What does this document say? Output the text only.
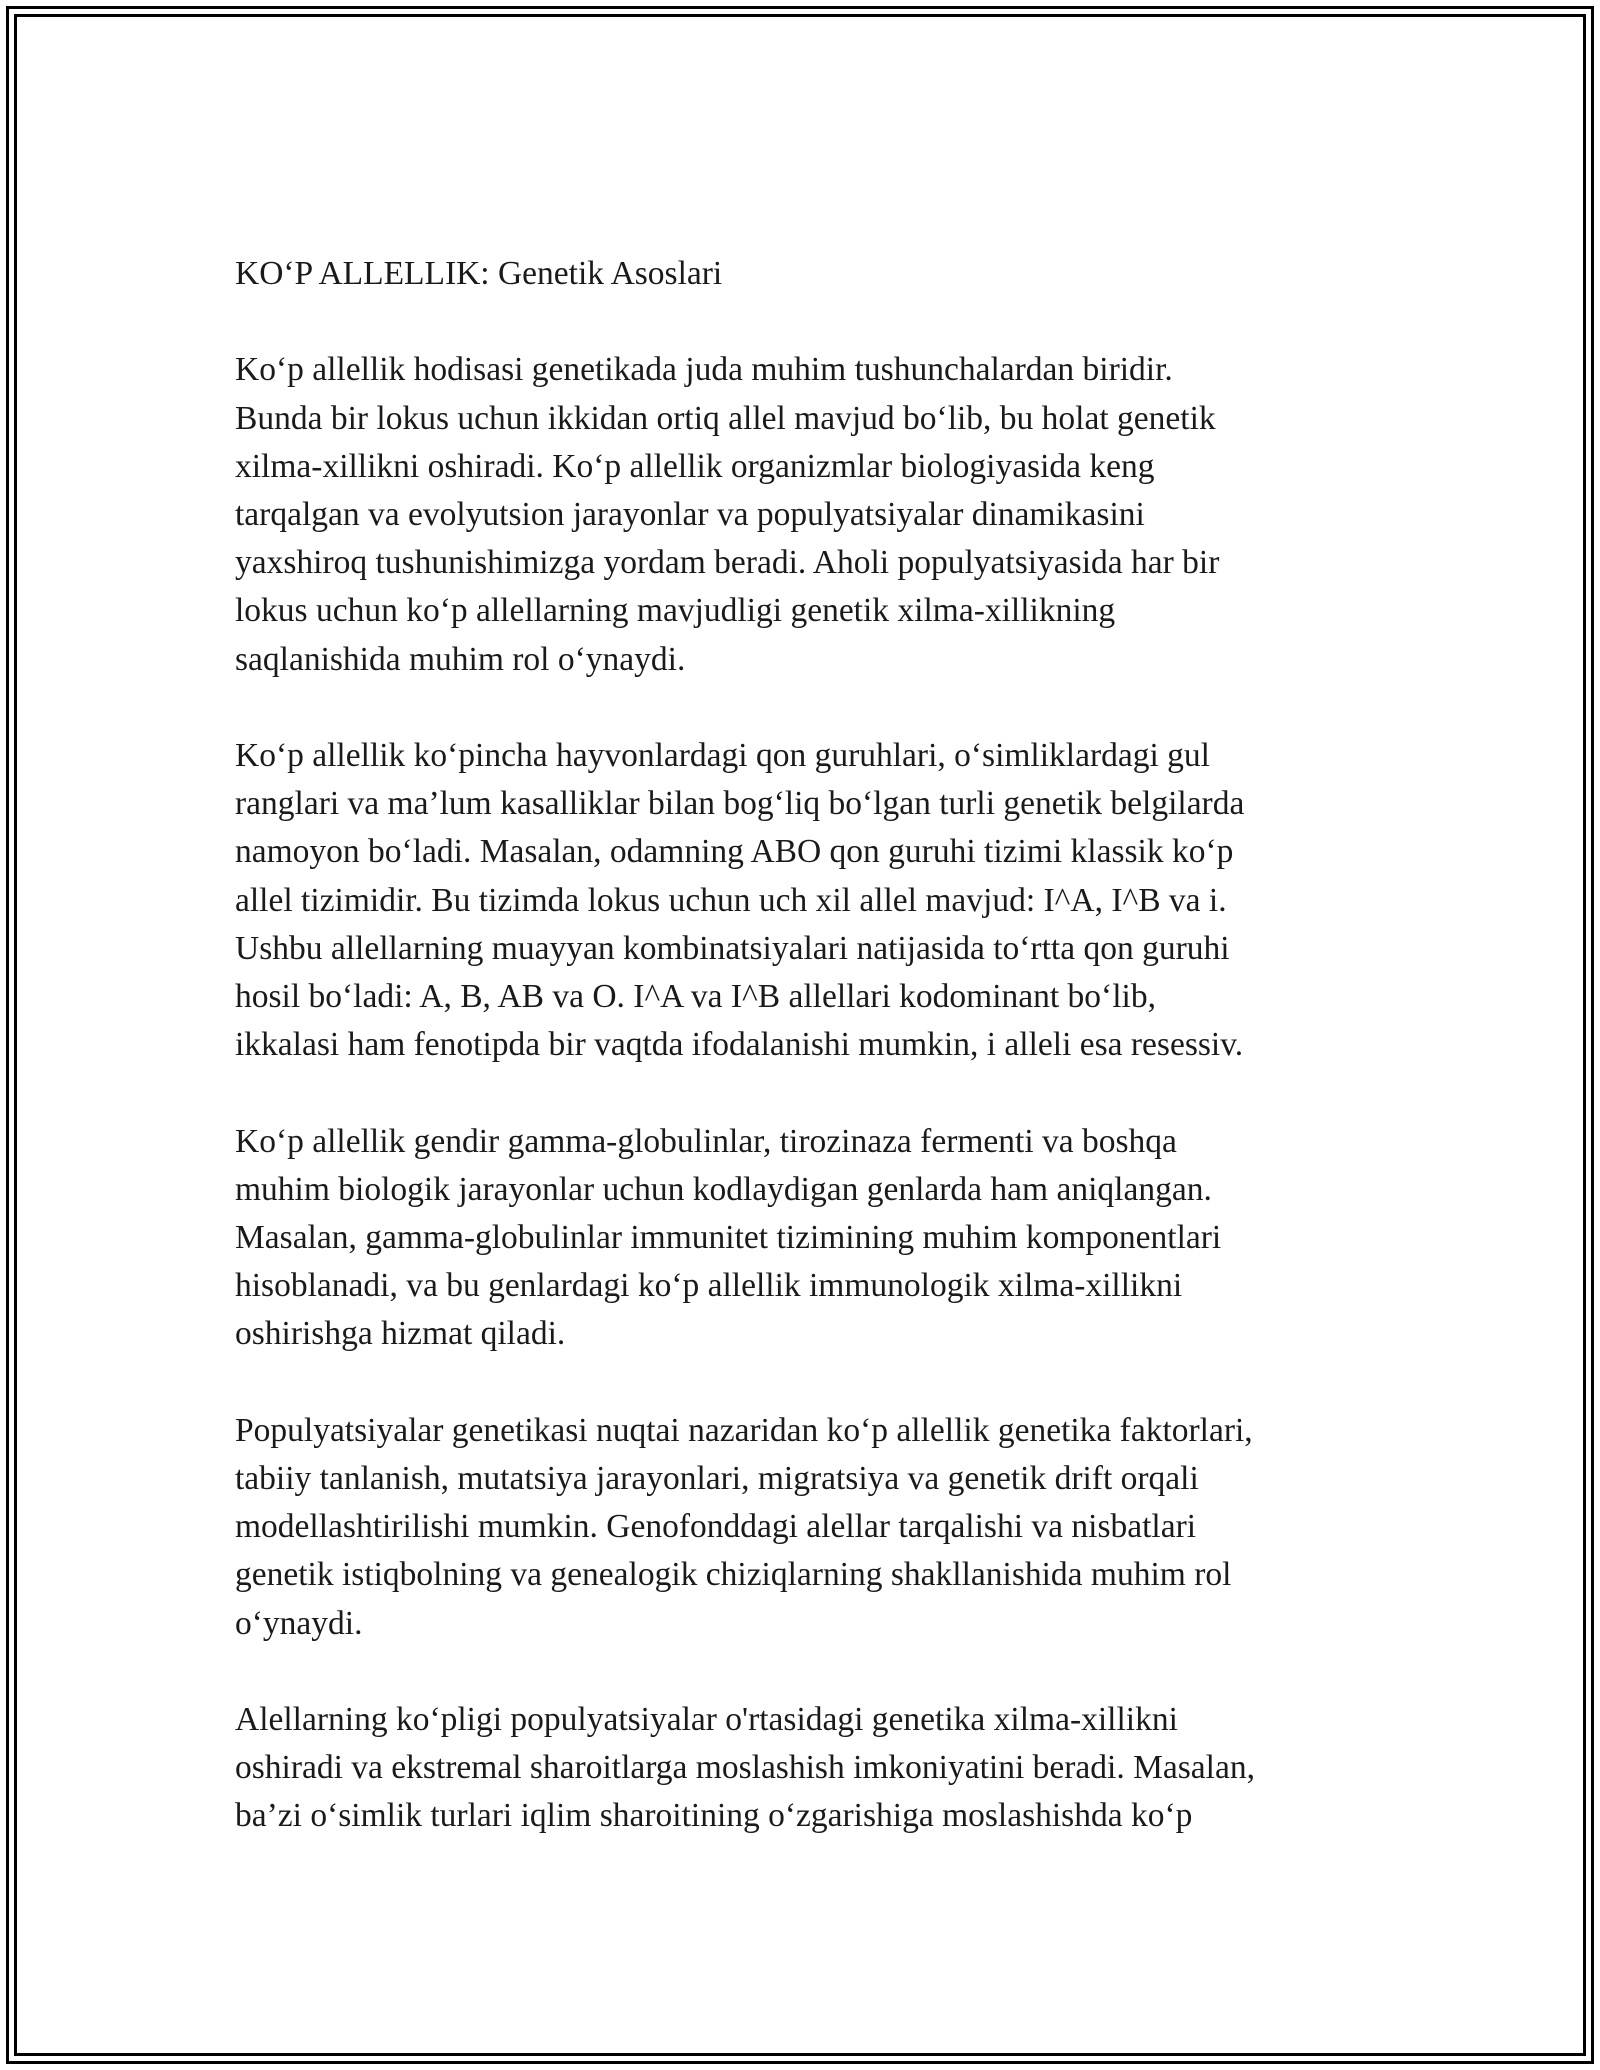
KO‘P ALLELLIK: Genetik Asoslari

Ko‘p allellik hodisasi genetikada juda muhim tushunchalardan biridir.
Bunda bir lokus uchun ikkidan ortiq allel mavjud bo‘lib, bu holat genetik
xilma-xillikni oshiradi. Ko‘p allellik organizmlar biologiyasida keng
tarqalgan va evolyutsion jarayonlar va populyatsiyalar dinamikasini
yaxshiroq tushunishimizga yordam beradi. Aholi populyatsiyasida har bir
lokus uchun ko‘p allellarning mavjudligi genetik xilma-xillikning
saqlanishida muhim rol o‘ynaydi.

Ko‘p allellik ko‘pincha hayvonlardagi qon guruhlari, o‘simliklardagi gul
ranglari va ma’lum kasalliklar bilan bog‘liq bo‘lgan turli genetik belgilarda
namoyon bo‘ladi. Masalan, odamning ABO qon guruhi tizimi klassik ko‘p
allel tizimidir. Bu tizimda lokus uchun uch xil allel mavjud: I^A, I^B va i.
Ushbu allellarning muayyan kombinatsiyalari natijasida to‘rtta qon guruhi
hosil bo‘ladi: A, B, AB va O. I^A va I^B allellari kodominant bo‘lib,
ikkalasi ham fenotipda bir vaqtda ifodalanishi mumkin, i alleli esa resessiv.

Ko‘p allellik gendir gamma-globulinlar, tirozinaza fermenti va boshqa
muhim biologik jarayonlar uchun kodlaydigan genlarda ham aniqlangan.
Masalan, gamma-globulinlar immunitet tizimining muhim komponentlari
hisoblanadi, va bu genlardagi ko‘p allellik immunologik xilma-xillikni
oshirishga hizmat qiladi.

Populyatsiyalar genetikasi nuqtai nazaridan ko‘p allellik genetika faktorlari,
tabiiy tanlanish, mutatsiya jarayonlari, migratsiya va genetik drift orqali
modellashtirilishi mumkin. Genofonddagi alellar tarqalishi va nisbatlari
genetik istiqbolning va genealogik chiziqlarning shakllanishida muhim rol
o‘ynaydi.

Alellarning ko‘pligi populyatsiyalar o'rtasidagi genetika xilma-xillikni
oshiradi va ekstremal sharoitlarga moslashish imkoniyatini beradi. Masalan,
ba’zi o‘simlik turlari iqlim sharoitining o‘zgarishiga moslashishda ko‘p
